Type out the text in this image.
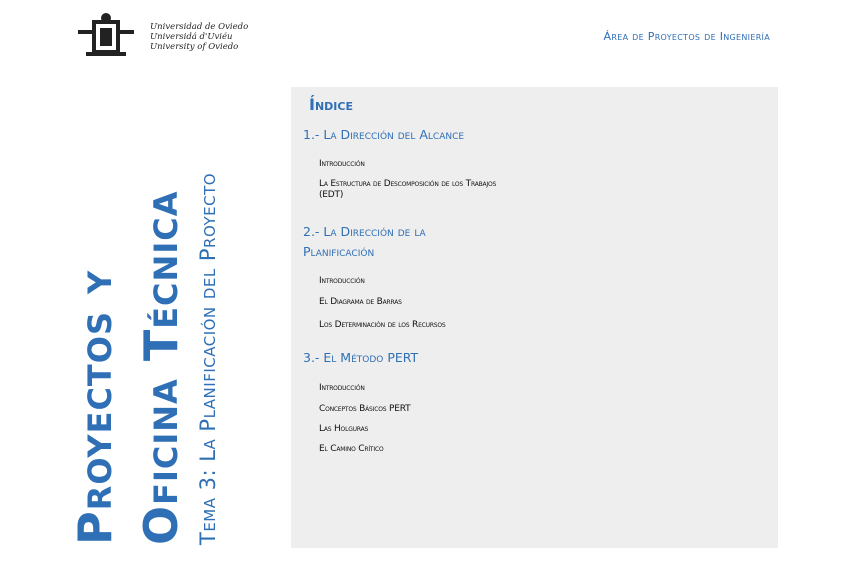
Universidad de Oviedo
Universidá d'Uviéu
University of Oviedo
Área de Proyectos de Ingeniería
Proyectos y Oficina Técnica Tema 3: La Planificación del Proyecto
Índice
1.- La Dirección del Alcance
Introducción
La Estructura de Descomposición de los Trabajos (EDT)
2.- La Dirección de la
Planificación
Introducción
El Diagrama de Barras
Los Determinación de los Recursos
3.- El Método PERT
Introducción
Conceptos Básicos PERT
Las Holguras
El Camino Crítico
